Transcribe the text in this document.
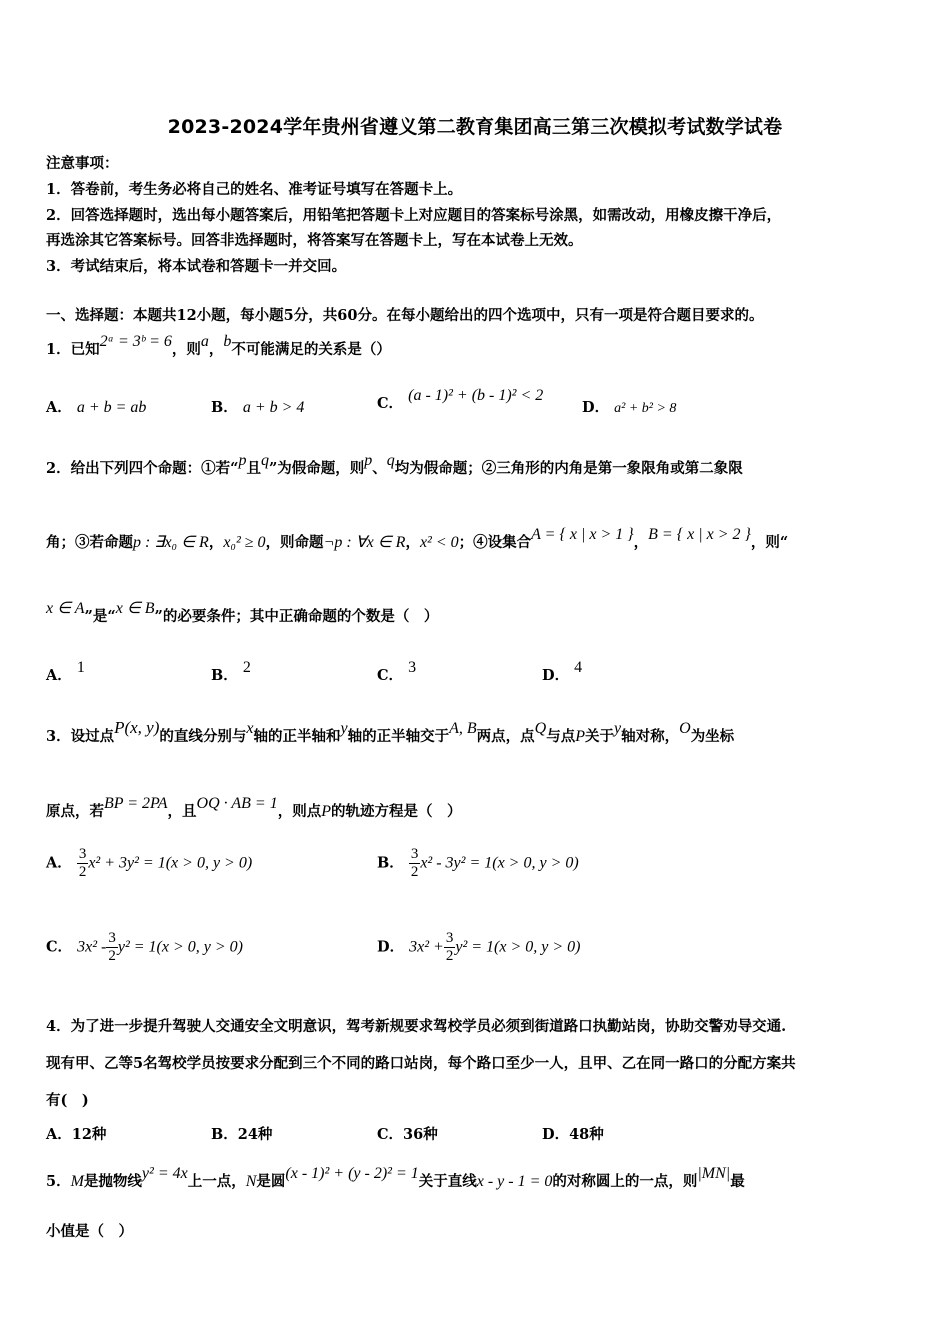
2023-2024学年贵州省遵义第二教育集团高三第三次模拟考试数学试卷
注意事项：
1．答卷前，考生务必将自己的姓名、准考证号填写在答题卡上。
2．回答选择题时，选出每小题答案后，用铅笔把答题卡上对应题目的答案标号涂黑，如需改动，用橡皮擦干净后，
再选涂其它答案标号。回答非选择题时，将答案写在答题卡上，写在本试卷上无效。
3．考试结束后，将本试卷和答题卡一并交回。
一、选择题：本题共12小题，每小题5分，共60分。在每小题给出的四个选项中，只有一项是符合题目要求的。
1．已知2ᵃ = 3ᵇ = 6，则a，b不可能满足的关系是（）
A． a + b = ab	B． a + b > 4	C． (a - 1)² + (b - 1)² < 2
D． a² + b² > 8
2．给出下列四个命题：①若“p且q”为假命题，则p、q均为假命题；②三角形的内角是第一象限角或第二象限
角；③若命题p : ∃x₀ ∈ R，x₀² ≥ 0，则命题¬p : ∀x ∈ R，x² < 0；④设集合A = { x | x > 1 }，B = { x | x > 2 }，则“
x ∈ A”是“x ∈ B”的必要条件；其中正确命题的个数是（　）
A． 1	B． 2	C． 3	D． 4
3．设过点P(x, y)的直线分别与x轴的正半轴和y轴的正半轴交于A, B两点，点Q与点P关于y轴对称，O为坐标
原点，若BP = 2PA，且OQ · AB = 1，则点P的轨迹方程是（　）
A． $\frac{3}{2} x^2 + 3y^2 = 1(x > 0$, y > 0)	B． $\frac{3}{2} x^2 - 3y^2 = 1(x > 0$, y > 0)
C． $3x^2 - \frac{3}{2} y^2 = 1(x > 0$, y > 0)	D． $3x^2 + \frac{3}{2} y^2 = 1(x > 0$, y > 0)
4．为了进一步提升驾驶人交通安全文明意识，驾考新规要求驾校学员必须到街道路口执勤站岗，协助交警劝导交通.
现有甲、乙等5名驾校学员按要求分配到三个不同的路口站岗，每个路口至少一人，且甲、乙在同一路口的分配方案共
有(　)
A．12种	B．24种	C．36种	D．48种
5．M是抛物线y² = 4x上一点，N是圆(x - 1)² + (y - 2)² = 1关于直线x - y - 1 = 0的对称圆上的一点，则|MN|最
小值是（　）
